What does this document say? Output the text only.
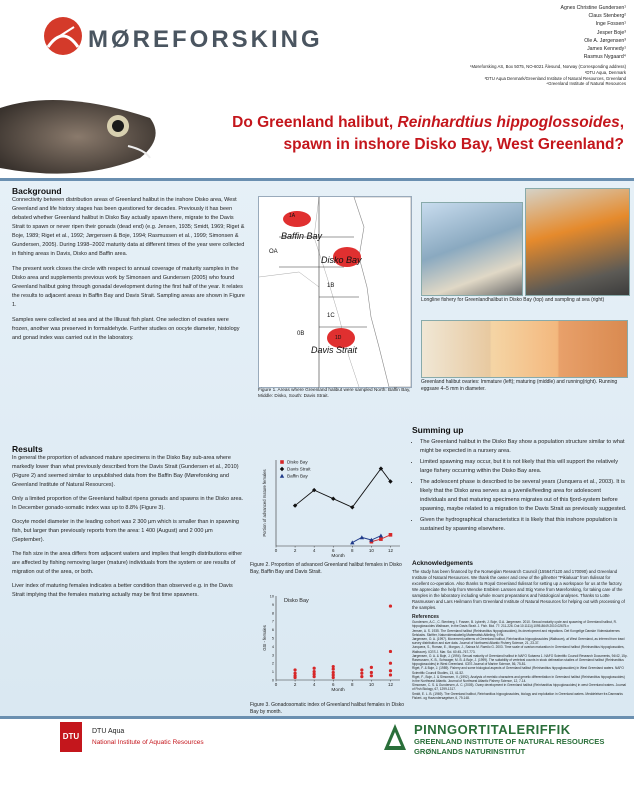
MØREFORSKING
Agnes Christine Gundersen¹
Claus Stenberg²
Inge Fossen¹
Jesper Boje³
Ole A. Jørgensen³
James Kennedy¹
Rasmus Nygaard⁴
¹Møreforsking AS, Box 5075, NO-6021 Ålesund, Norway (Corresponding address)
²DTU Aqua, Denmark
³DTU Aqua Denmark/Greenland Institute of Natural Resources, Greenland
⁴Greenland Institute of Natural Resources
Do Greenland halibut, Reinhardtius hippoglossoides,
spawn in inshore Disko Bay, West Greenland?
Background

Connectivity between distribution areas of Greenland halibut in the inshore Disko area, West Greenland and life history stages has been questioned for decades. Previously it has been debated whether Greenland halibut in Disko Bay actually spawn there, migrate to the Davis Strait to spawn or never ripen their gonads (dead end) (e.g. Jensen, 1935; Smidt, 1969; Riget & Boje, 1989; Riget et al., 1992; Jørgensen & Boje, 1994; Rasmussen et al., 1999; Simonsen & Gundersen, 2005). During 1998–2002 maturity data at different times of the year were collected in fishing areas in Davis, Disko and Baffin area.

The present work closes the circle with respect to annual coverage of maturity samples in the Disko area and supplements previous work by Simonsen and Gundersen (2005) who found Greenland halibut going through gonadal development during the first half of the year. It relates the results to adjacent areas in Baffin Bay and Davis Strait. Sampling areas are shown in Figure 1.

Samples were collected at sea and at the Illiusat fish plant. One selection of ovaries were frozen, another was preserved in formaldehyde. Further studies on oocyte diameter, histology and gonad index was carried out in the laboratory.

1A
Baffin Bay
OA
Disko Bay
1B
1C
0B
1D
Davis Strait
Figure 1. Areas where Greenland halibut were sampled North: Baffin Bay, Middle: Disko, South: Davis Strait.
Longline fishery for Greenlandhalibut in Disko Bay (top) and sampling at sea (right)
Greenland halibut ovaries: Immature (left); maturing (middle) and running(right). Running eggsare 4–5 mm in diameter.
Results

In general the proportion of advanced mature specimens in the Disko Bay sub-area where markedly lower than what previously described from the Davis Strait (Gundersen et al., 2010) (Figure 2) and seemed similar to unpublished data from the Baffin Bay (Møreforsking and Greenland Institute of Natural Resources).

Only a limited proportion of the Greenland halibut ripens gonads and spawns in the Disko area. In December gonado-somatic index was up to 8.8% (Figure 3).

Oocyte model diameter in the leading cohort was 2 300 µm which is smaller than in spawning fish, but larger than previously reports from the area: 1 400 (August) and 2 000 µm (September).

The fish size in the area differs from adjacent waters and implies that length distributions either are affected by fishing removing larger (mature) individuals from the system or are results of migration out of the area, or both.

Liver index of maturing females indicates a better condition than observed e.g. in the Davis Strait implying that the females maturing actually may be first time spawners.

0	2	4	6	8	10	12
Month
Portion of advanced mature females
Disko Bay
Davis Strait
Baffin Bay
Figure 2. Proportion of advanced Greenland halibut females in Disko Bay, Baffin Bay and Davis Strait.
0	2	4	6	8	10	12
0
1
2
3
4
5
6
7
8
9
10
Month
GSI - females
Disko Bay
Figure 3. Gonadosomatic index of Greenland halibut females in Disko Bay by month.
Summing up
• The Greenland halibut in the Disko Bay show a population structure similar to what might be expected in a nursery area.
• Limited spawning may occur, but it is not likely that this will support the relatively large fishery occurring within the Disko Bay area.
• The adolescent phase is described to be several years (Junquera et al., 2003). It is likely that the Disko area serves as a juvenile/feeding area for adolescent individuals and that maturing specimens migrates out of this fjord-system before spawning, maybe related to a migration to the Davis Strait as previously suggested.
• Given the hydrographical characteristics it is likely that this inshore population is sustained by spawning elsewhere.
Acknowledgements
The study has been financed by the Norwegian Research Council (155647/120 and 170090) and Greenland Institute of Natural Resources. We thank the owner and crew of the gillnetter "Pikialuua" from Ilulissat for excellent co-operation. Also thanks to Royal Greenland Ilulissat for setting up a workspace for us at the factory. We appreciate the help from Wencke Emblem Larssen and Stig Yome from Møreforsking, for taking care of the samples in the laboratory including whole mount preparations and histological analyses. Thanks to Lotte Rasmussen and Lars Heilmann from Greenland Institute of Natural Resources for helping out with processing of the samples.
References
Gundersen, A.C., C. Stenberg, I. Fossen, B. Lyberth, J. Boje, O.A. Jørgensen. 2010. Sexual maturity cycle and spawning of Greenland halibut, R. hippoglossoides Walbaum, in the Davis Strait. J. Fish. Biol. 77: 211-226. Doi:10.1111/j.1095-8649.2010.02675.x
Jensen, A. S. 1935. The Greenland halibut (Reinhardtius hippoglossoides), its development and migrations. Det Kongelige Danske Videnskabernes Selskabs. Skrifter, Naturvidenskabelig Matematisk Afdeling, 9 Rk.
Jørgensen, O. A. (1997). Movement patterns of Greenland halibut, Reinhardtius hippoglossoides (Walbaum), at West Greenland, as inferred from trawl survey distribution and size data. Journal of Northwest Atlantic Fishery Science, 21, 23-37.
Junquera, S., Roman, E., Morgan, J., Sainza M. Ramilo G. 2003. Time scale of ovarian maturation in Greenland halibut (Reinhardtius hippoglossoides, Walbaum). ICES J. Mar. Sci. 60:45–767-773.
Jørgensen, O. A. & Boje, J. (1994). Sexual maturity of Greenland halibut in NAFO Subarea 1. NAFO Scientific Council Research Documents, 94/42, 15p.
Rasmussen, K. B., Schwager, M. B. & Boje, J. (1999). The suitability of vertebral counts in stock delineation studies of Greenland halibut (Reinhardtius hippoglossoides) in West Greenland. ICES Journal of Marine Science, 56, 75-81.
Riget, F. & Boje, J. (1989). Fishery and some biological aspects of Greenland halibut (Reinhardtius hippoglossoides) in West Greenland waters. NAFO Scientific Council Studies, 13, 41-52.
Riget, F., Boje, J. & Simonsen, V. (1992). Analysis of meristic characters and genetic differentiation in Greenland halibut (Reinhardtius hippoglossoides) in the Northwest Atlantic. Journal of Northwest Atlantic Fishery Science, 12, 7-14.
Simonsen, C. S. & Gundersen, A. C. (2005). Ovary development in Greenland halibut (Reinhardtius hippoglossoides) in west Greenland waters. Journal of Fish Biology, 67, 1299-1317.
Smidt, E. L. B. (1969). The Greenland halibut, Reinhardtius hippoglossoides, biology and exploitation in Greenland waters. Meddelelser fra Danmarks Fiskeri- og Havundersøgelser, 6, 79-148.
DTU
DTU Aqua
National Institute of Aquatic Resources
PINNGORTITALERIFFIK
GREENLAND INSTITUTE OF NATURAL RESOURCES
GRØNLANDS NATURINSTITUT
